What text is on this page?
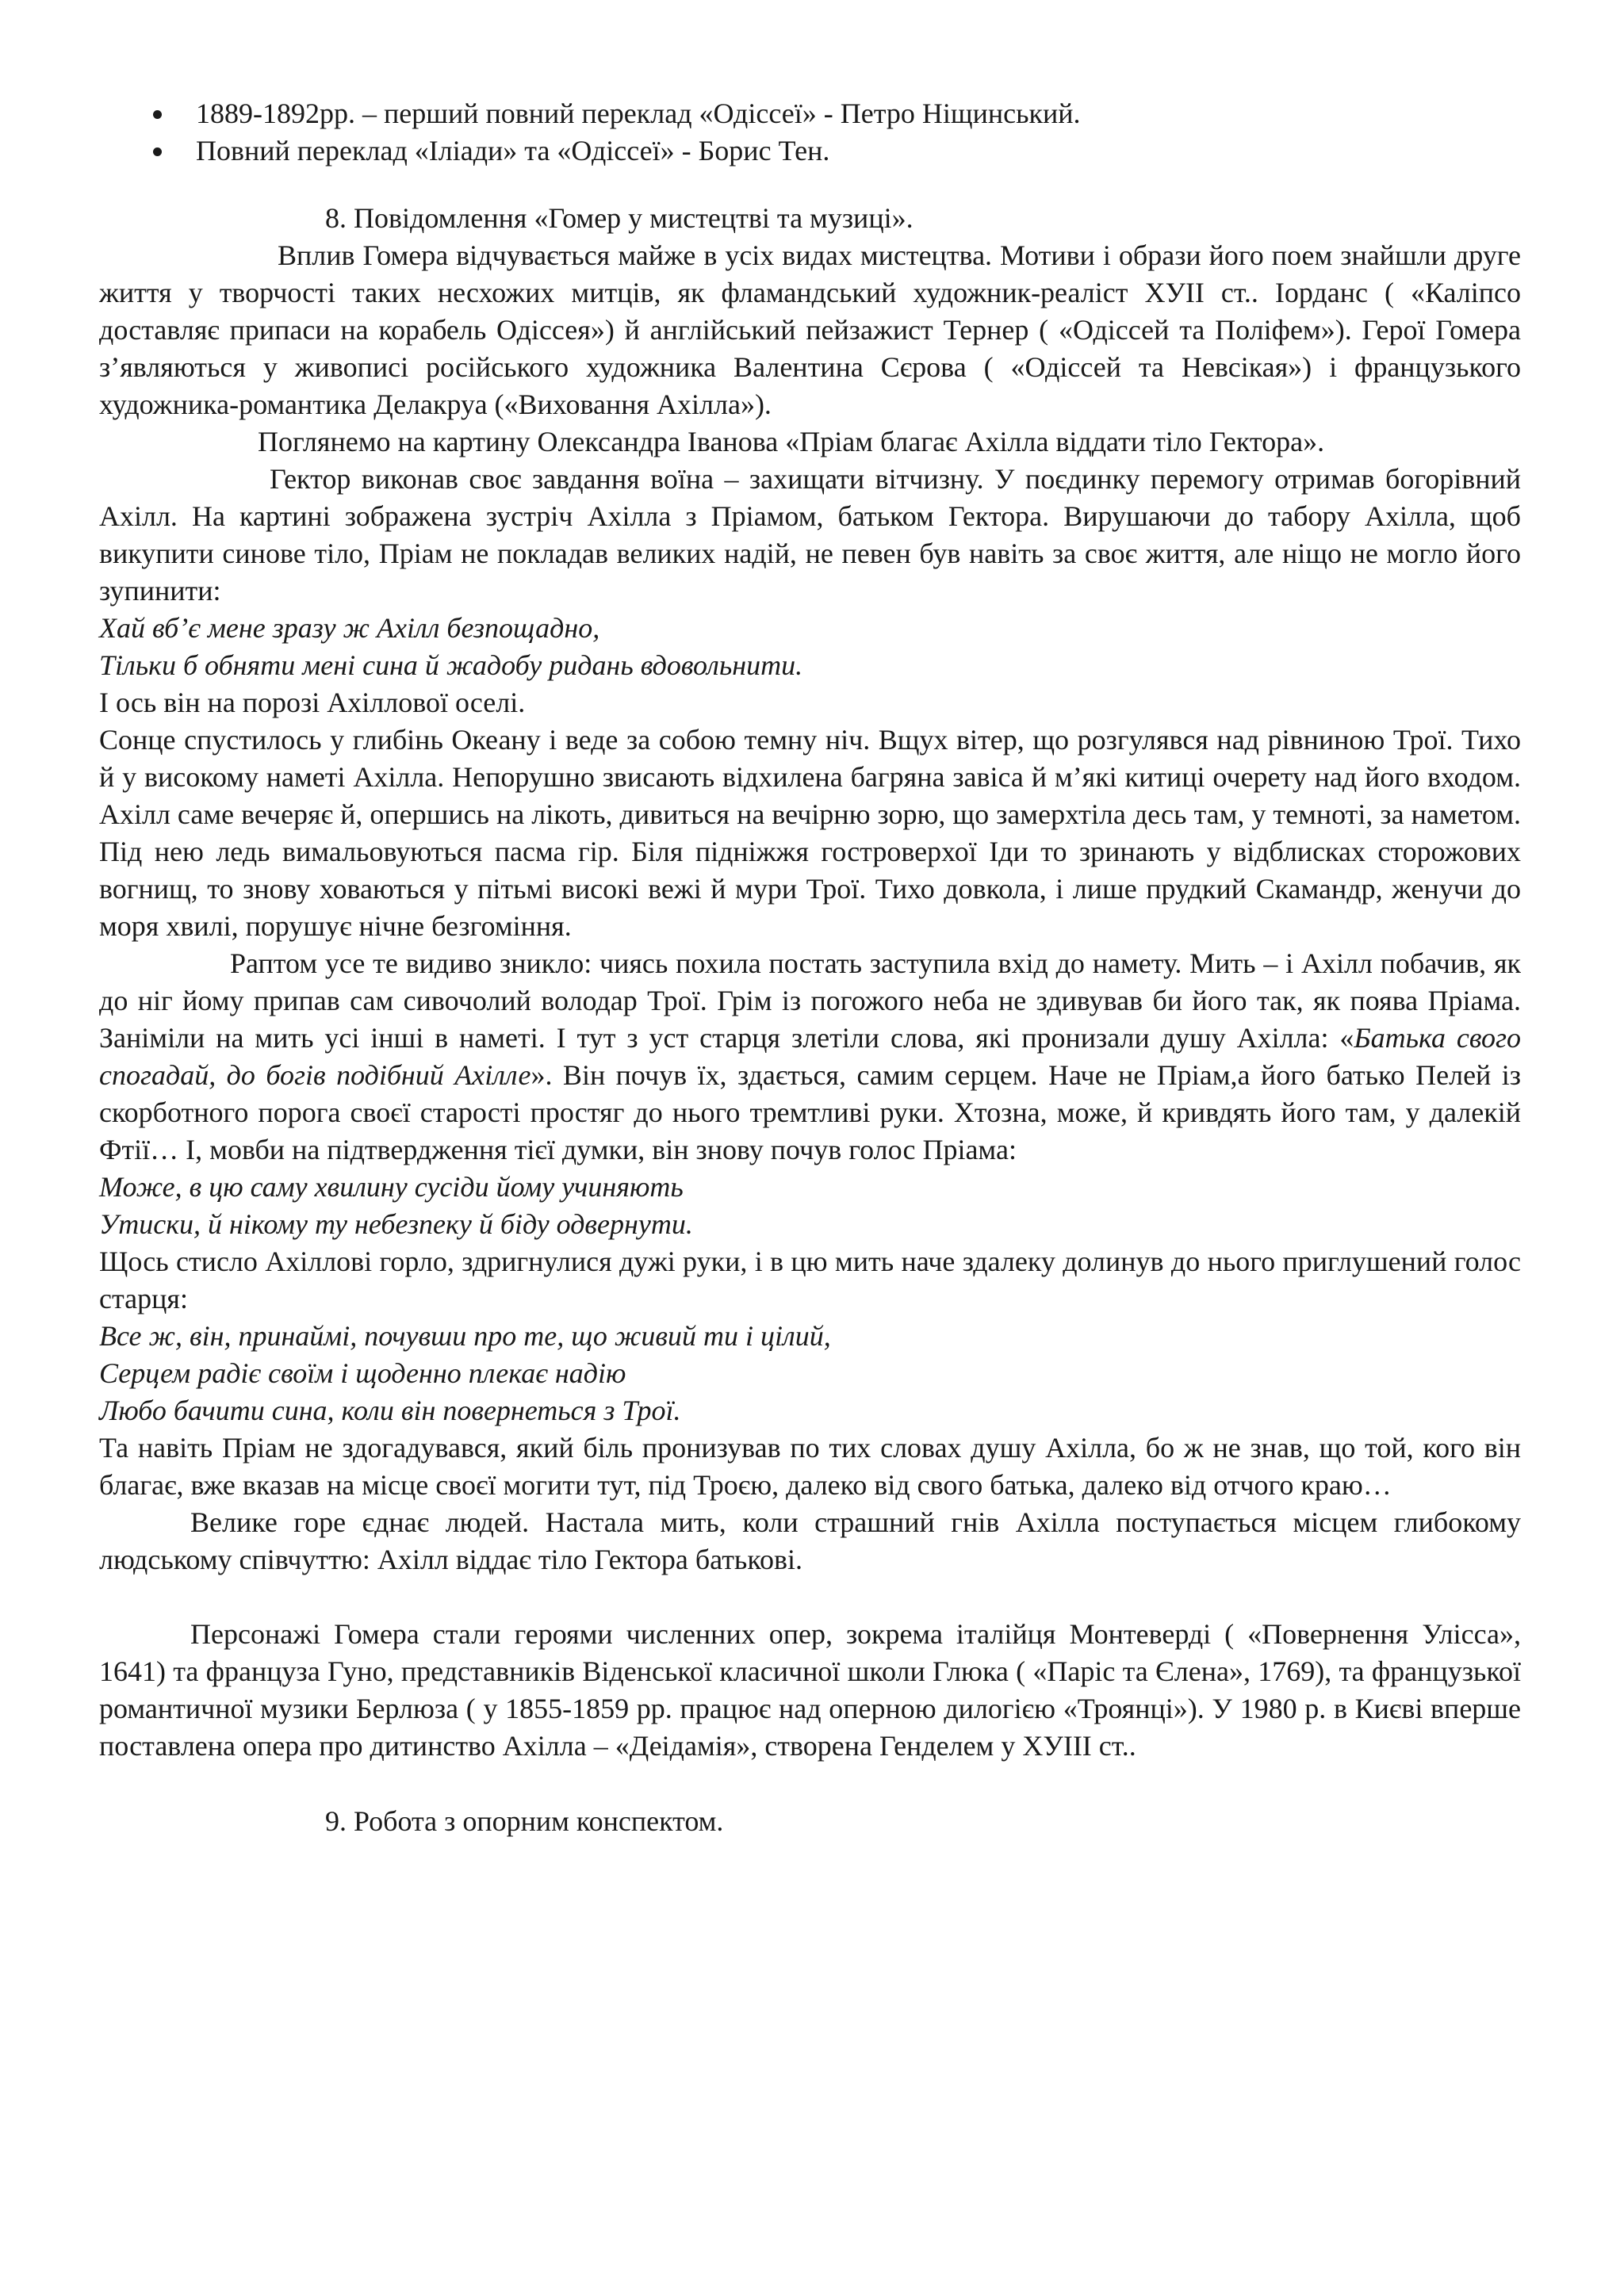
1889-1892рр. – перший повний переклад «Одіссеї» - Петро Ніщинський.
Повний переклад «Іліади» та «Одіссеї» - Борис Тен.

8. Повідомлення «Гомер у мистецтві та музиці».

Вплив Гомера відчувається майже в усіх видах мистецтва. Мотиви і образи його поем знайшли друге життя у творчості таких несхожих митців, як фламандський художник-реаліст ХУІІ ст.. Іорданс ( «Каліпсо доставляє припаси на корабель Одіссея») й англійський пейзажист Тернер ( «Одіссей та Поліфем»). Герої Гомера з’являються у живописі російського художника Валентина Сєрова ( «Одіссей та Невсікая») і французького художника-романтика Делакруа («Виховання Ахілла»).

Поглянемо на картину Олександра Іванова «Пріам благає Ахілла віддати тіло Гектора».

Гектор виконав своє завдання воїна – захищати вітчизну. У поєдинку перемогу отримав богорівний Ахілл. На картині зображена зустріч Ахілла з Пріамом, батьком Гектора. Вирушаючи до табору Ахілла, щоб викупити синове тіло, Пріам не покладав великих надій, не певен був навіть за своє життя, але ніщо не могло його зупинити:

Хай вб’є мене зразу ж Ахілл безпощадно,

Тільки б обняти мені сина й жадобу ридань вдовольнити.

І ось він на порозі Ахіллової оселі.

Сонце спустилось у глибінь Океану і веде за собою темну ніч. Вщух вітер, що розгулявся над рівниною Трої. Тихо й у високому наметі Ахілла. Непорушно звисають відхилена багряна завіса й м’які китиці очерету над його входом. Ахілл саме вечеряє й, опершись на лікоть, дивиться на вечірню зорю, що замерхтіла десь там, у темноті, за наметом. Під нею ледь вимальовуються пасма гір. Біля підніжжя гостроверхої Іди то зринають у відблисках сторожових вогнищ, то знову ховаються у пітьмі високі вежі й мури Трої. Тихо довкола, і лише прудкий Скамандр, женучи до моря хвилі, порушує нічне безгоміння.

Раптом усе те видиво зникло: чиясь похила постать заступила вхід до намету. Мить – і Ахілл побачив, як до ніг йому припав сам сивочолий володар Трої. Грім із погожого неба не здивував би його так, як поява Пріама. Заніміли на мить усі інші в наметі. І тут з уст старця злетіли слова, які пронизали душу Ахілла: «Батька свого спогадай, до богів подібний Ахілле». Він почув їх, здається, самим серцем. Наче не Пріам,а його батько Пелей із скорботного порога своєї старості простяг до нього тремтливі руки. Хтозна, може, й кривдять його там, у далекій Фтії… І, мовби на підтвердження тієї думки, він знову почув голос Пріама:

Може, в цю саму хвилину сусіди йому учиняють

Утиски, й нікому ту небезпеку й біду одвернути.

Щось стисло Ахіллові горло, здригнулися дужі руки, і в цю мить наче здалеку долинув до нього приглушений голос старця:

Все ж, він, принаймі, почувши про те, що живий ти і цілий,

Серцем радіє своїм і щоденно плекає надію

Любо бачити сина, коли він повернеться з Трої.

Та навіть Пріам не здогадувався, який біль пронизував по тих словах душу Ахілла, бо ж не знав, що той, кого він благає, вже вказав на місце своєї могити тут, під Троєю, далеко від свого батька, далеко від отчого краю…

Велике горе єднає людей. Настала мить, коли страшний гнів Ахілла поступається місцем глибокому людському співчуттю: Ахілл віддає тіло Гектора батькові.

Персонажі Гомера стали героями численних опер, зокрема італійця Монтеверді ( «Повернення Улісса», 1641) та француза Гуно, представників Віденської класичної школи Глюка ( «Паріс та Єлена», 1769), та французької романтичної музики Берлюза ( у 1855-1859 рр. працює над оперною дилогією «Троянці»). У 1980 р. в Києві вперше поставлена опера про дитинство Ахілла – «Деідамія», створена Генделем у ХУІІІ ст..

9. Робота з опорним конспектом.
